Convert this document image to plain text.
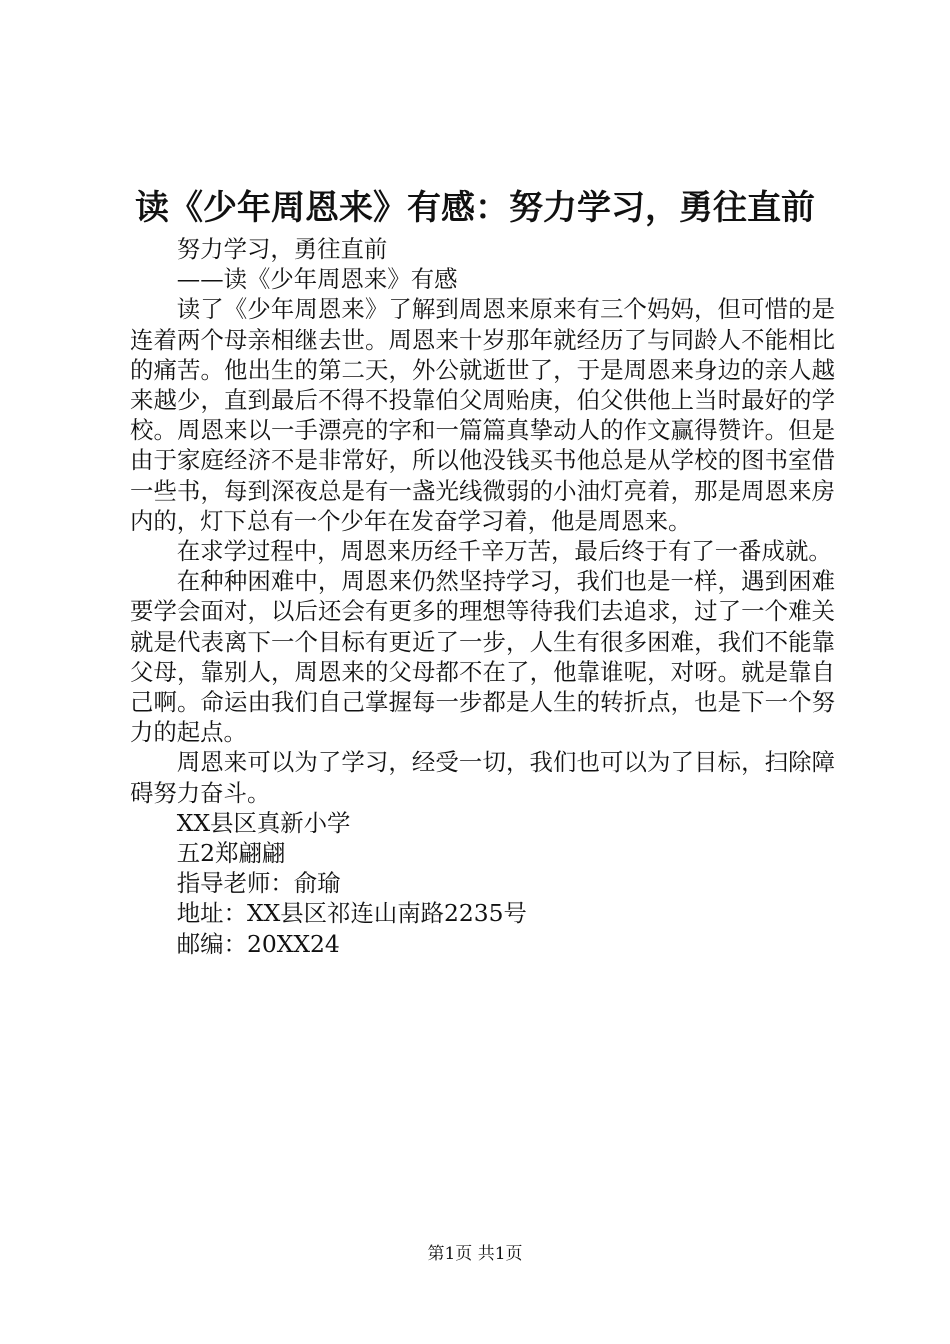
读《少年周恩来》有感：努力学习，勇往直前

努力学习，勇往直前

——读《少年周恩来》有感

读了《少年周恩来》了解到周恩来原来有三个妈妈，但可惜的是连着两个母亲相继去世。周恩来十岁那年就经历了与同龄人不能相比的痛苦。他出生的第二天，外公就逝世了，于是周恩来身边的亲人越来越少，直到最后不得不投靠伯父周贻庚，伯父供他上当时最好的学校。周恩来以一手漂亮的字和一篇篇真挚动人的作文赢得赞许。但是由于家庭经济不是非常好，所以他没钱买书他总是从学校的图书室借一些书，每到深夜总是有一盏光线微弱的小油灯亮着，那是周恩来房内的，灯下总有一个少年在发奋学习着，他是周恩来。

在求学过程中，周恩来历经千辛万苦，最后终于有了一番成就。

在种种困难中，周恩来仍然坚持学习，我们也是一样，遇到困难要学会面对，以后还会有更多的理想等待我们去追求，过了一个难关就是代表离下一个目标有更近了一步，人生有很多困难，我们不能靠父母，靠别人，周恩来的父母都不在了，他靠谁呢，对呀。就是靠自己啊。命运由我们自己掌握每一步都是人生的转折点，也是下一个努力的起点。

周恩来可以为了学习，经受一切，我们也可以为了目标，扫除障碍努力奋斗。

XX县区真新小学

五2郑翩翩

指导老师：俞瑜

地址：XX县区祁连山南路2235号

邮编：20XX24

第1页 共1页
